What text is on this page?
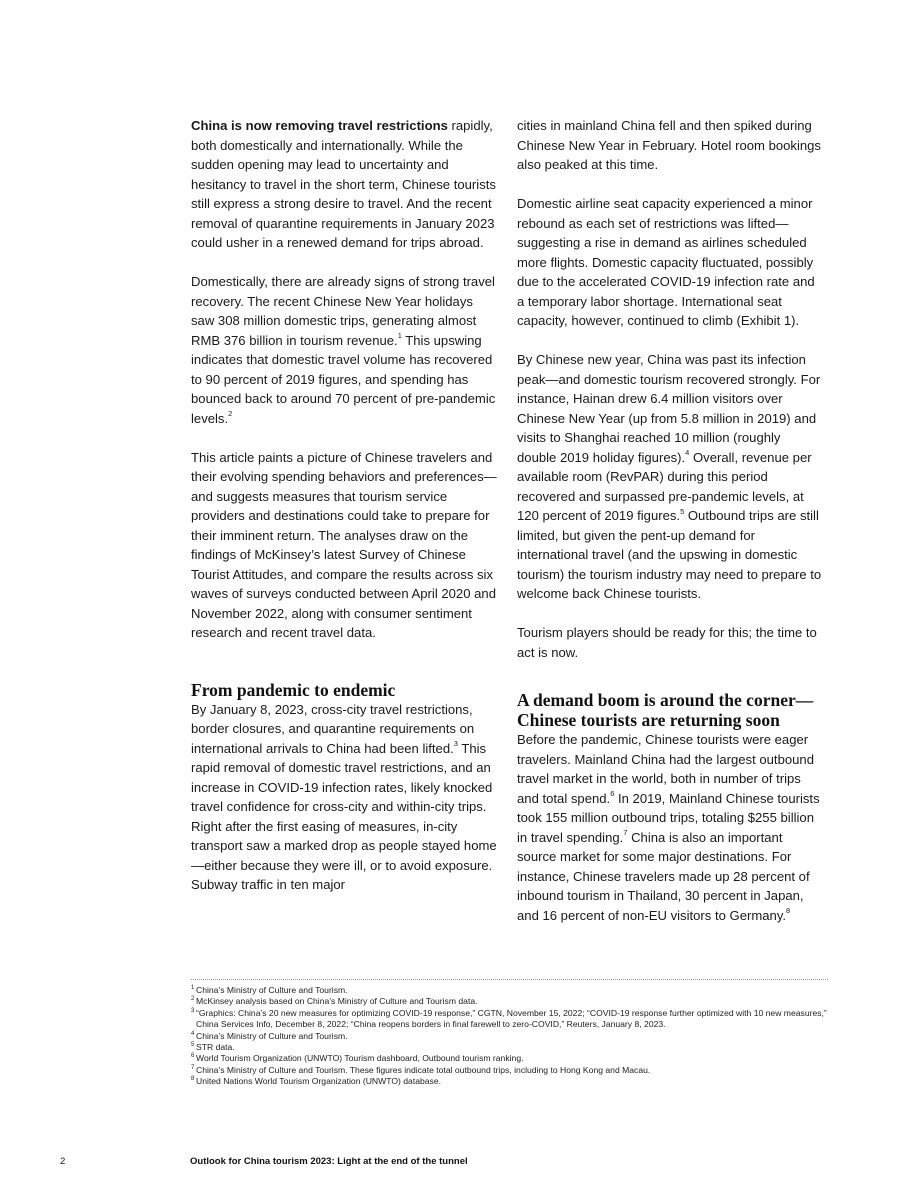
China is now removing travel restrictions rapidly, both domestically and internationally. While the sudden opening may lead to uncertainty and hesitancy to travel in the short term, Chinese tourists still express a strong desire to travel. And the recent removal of quarantine requirements in January 2023 could usher in a renewed demand for trips abroad.

Domestically, there are already signs of strong travel recovery. The recent Chinese New Year holidays saw 308 million domestic trips, generating almost RMB 376 billion in tourism revenue.$^1$ This upswing indicates that domestic travel volume has recovered to 90 percent of 2019 figures, and spending has bounced back to around 70 percent of pre-pandemic levels.$^2$

This article paints a picture of Chinese travelers and their evolving spending behaviors and preferences—and suggests measures that tourism service providers and destinations could take to prepare for their imminent return. The analyses draw on the findings of McKinsey’s latest Survey of Chinese Tourist Attitudes, and compare the results across six waves of surveys conducted between April 2020 and November 2022, along with consumer sentiment research and recent travel data.

From pandemic to endemic

By January 8, 2023, cross-city travel restrictions, border closures, and quarantine requirements on international arrivals to China had been lifted.$^3$ This rapid removal of domestic travel restrictions, and an increase in COVID-19 infection rates, likely knocked travel confidence for cross-city and within-city trips. Right after the first easing of measures, in-city transport saw a marked drop as people stayed home—either because they were ill, or to avoid exposure. Subway traffic in ten major

cities in mainland China fell and then spiked during Chinese New Year in February. Hotel room bookings also peaked at this time.

Domestic airline seat capacity experienced a minor rebound as each set of restrictions was lifted—suggesting a rise in demand as airlines scheduled more flights. Domestic capacity fluctuated, possibly due to the accelerated COVID-19 infection rate and a temporary labor shortage. International seat capacity, however, continued to climb (Exhibit 1).

By Chinese new year, China was past its infection peak—and domestic tourism recovered strongly. For instance, Hainan drew 6.4 million visitors over Chinese New Year (up from 5.8 million in 2019) and visits to Shanghai reached 10 million (roughly double 2019 holiday figures).$^4$ Overall, revenue per available room (RevPAR) during this period recovered and surpassed pre-pandemic levels, at 120 percent of 2019 figures.$^5$ Outbound trips are still limited, but given the pent-up demand for international travel (and the upswing in domestic tourism) the tourism industry may need to prepare to welcome back Chinese tourists.

Tourism players should be ready for this; the time to act is now.

A demand boom is around the corner—Chinese tourists are returning soon

Before the pandemic, Chinese tourists were eager travelers. Mainland China had the largest outbound travel market in the world, both in number of trips and total spend.$^6$ In 2019, Mainland Chinese tourists took 155 million outbound trips, totaling $255 billion in travel spending.$^7$ China is also an important source market for some major destinations. For instance, Chinese travelers made up 28 percent of inbound tourism in Thailand, 30 percent in Japan, and 16 percent of non-EU visitors to Germany.$^8$

1 China’s Ministry of Culture and Tourism.
2 McKinsey analysis based on China’s Ministry of Culture and Tourism data.
3 “Graphics: China’s 20 new measures for optimizing COVID-19 response,” CGTN, November 15, 2022; “COVID-19 response further optimized with 10 new measures,” China Services Info, December 8, 2022; “China reopens borders in final farewell to zero-COVID,” Reuters, January 8, 2023.
4 China’s Ministry of Culture and Tourism.
5 STR data.
6 World Tourism Organization (UNWTO) Tourism dashboard, Outbound tourism ranking.
7 China’s Ministry of Culture and Tourism. These figures indicate total outbound trips, including to Hong Kong and Macau.
8 United Nations World Tourism Organization (UNWTO) database.
2	Outlook for China tourism 2023: Light at the end of the tunnel
